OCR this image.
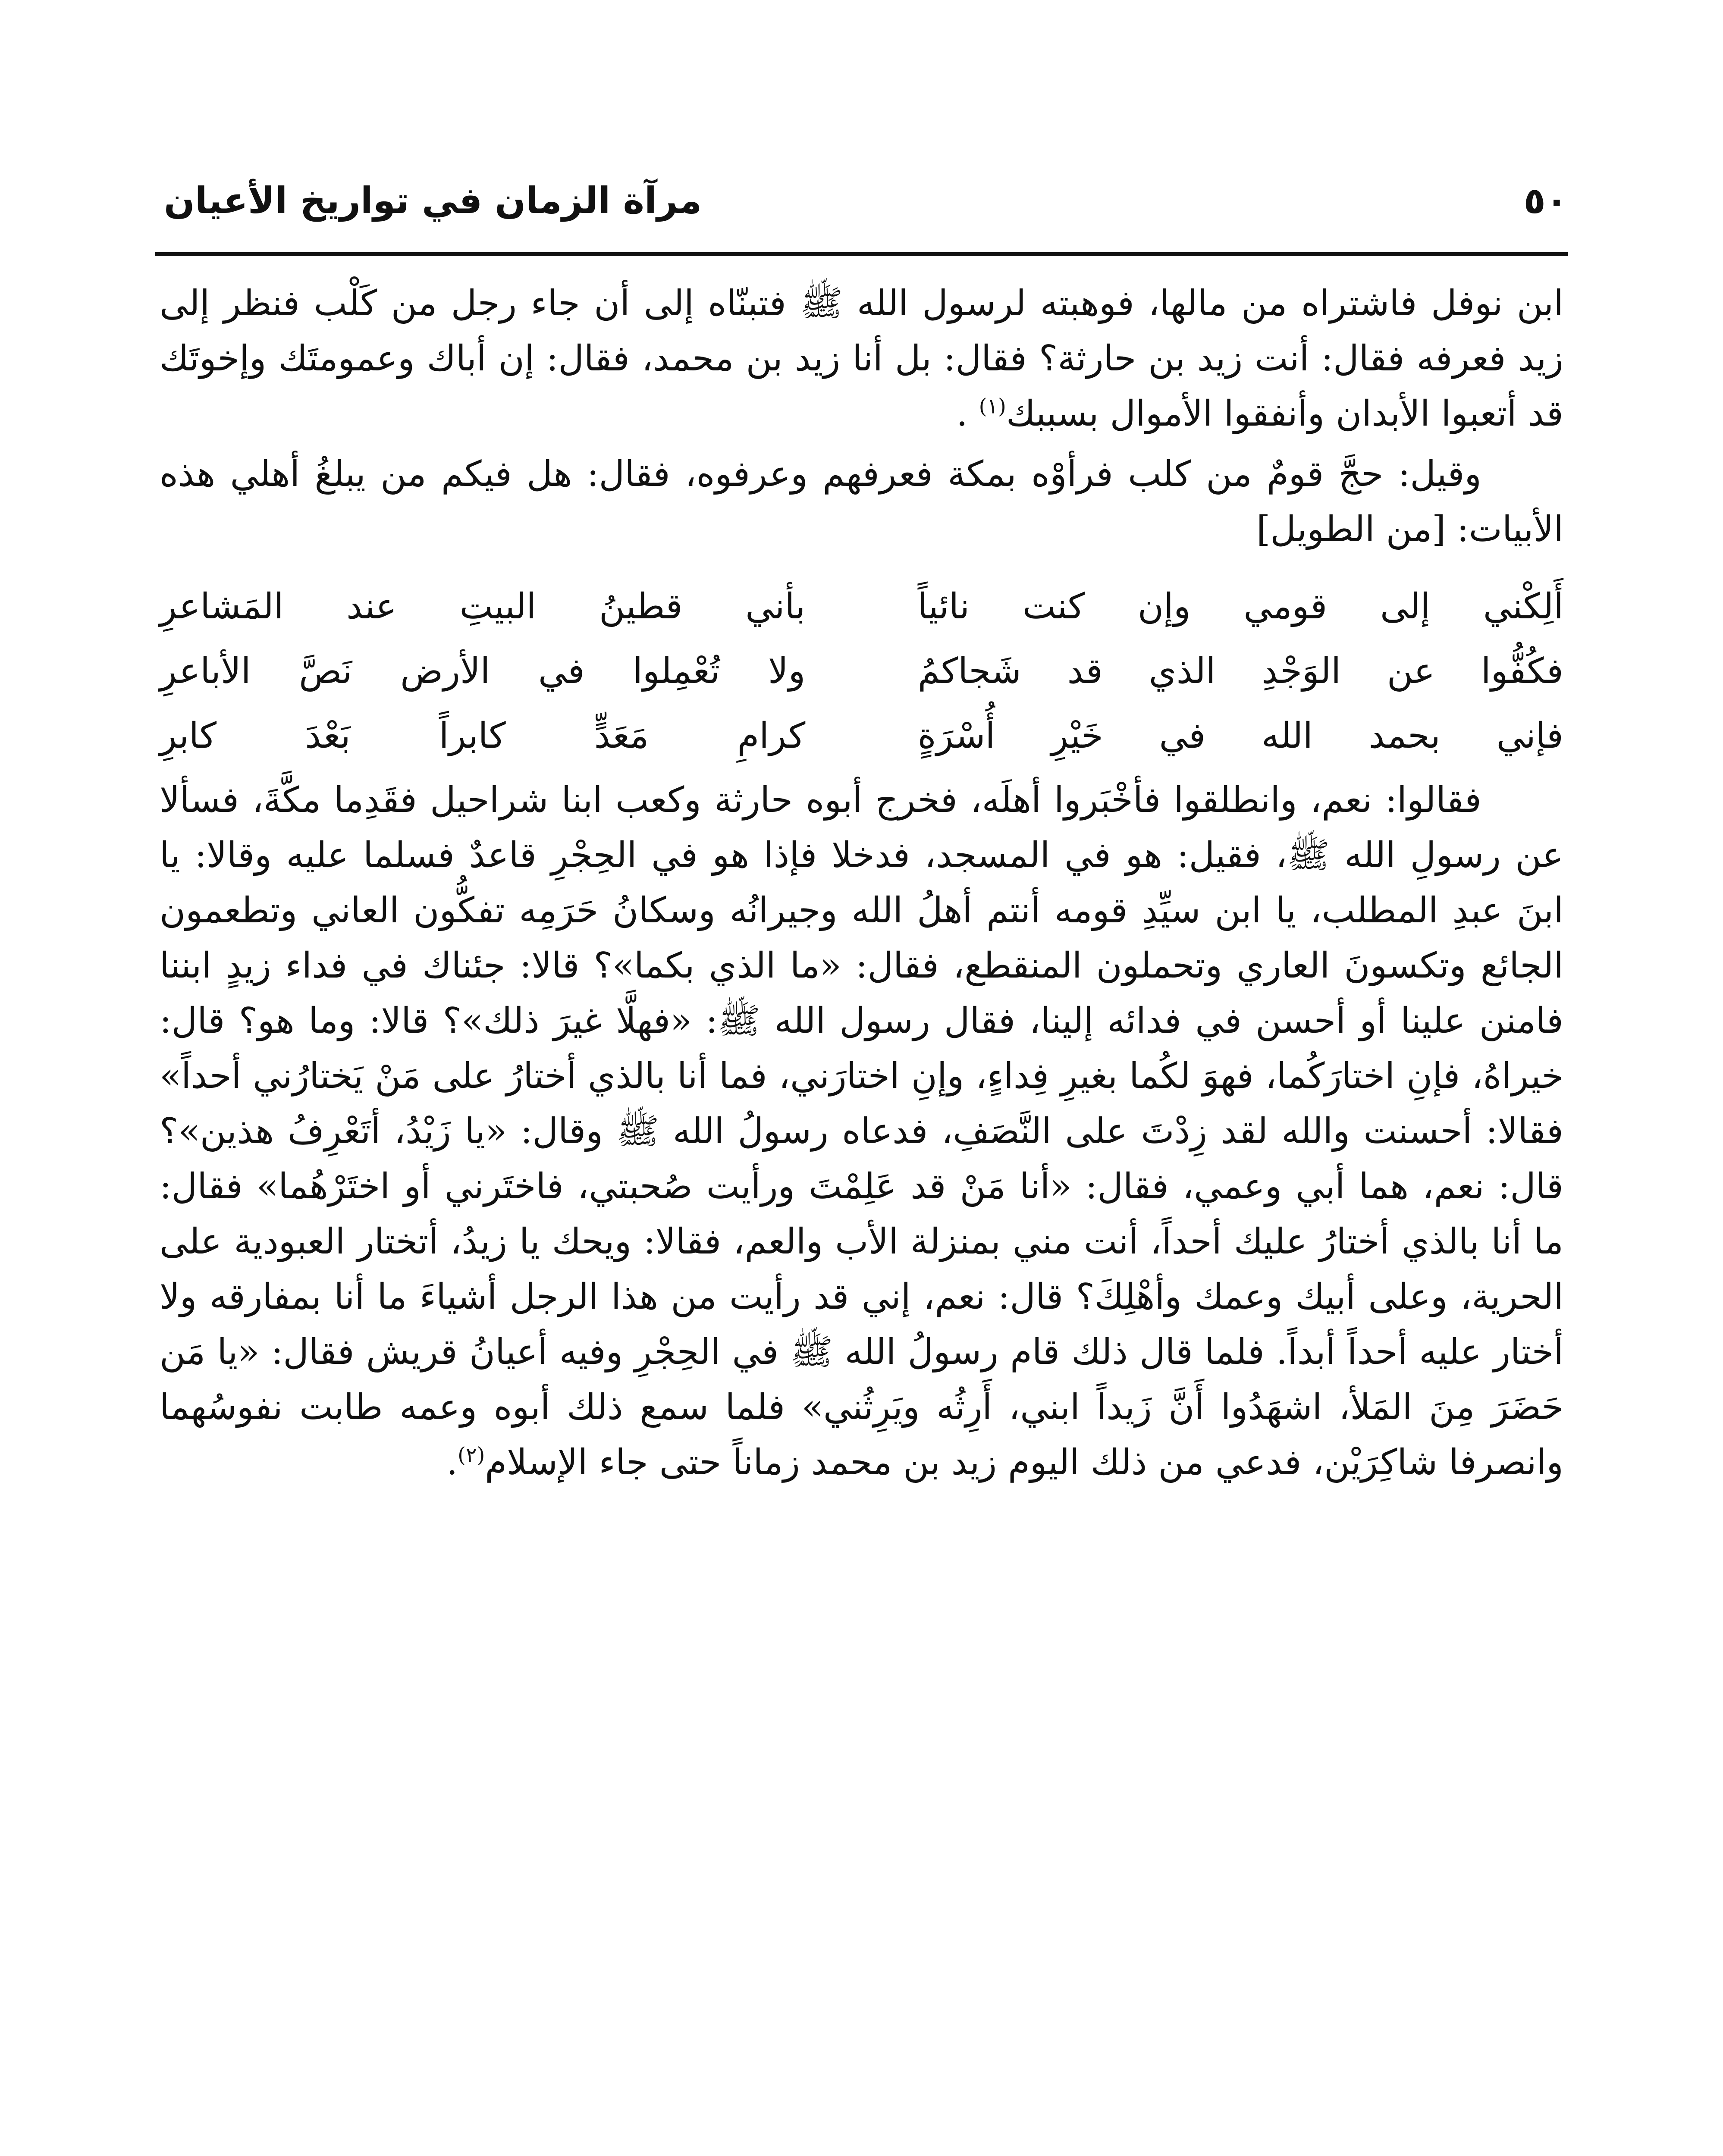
٥٠
مرآة الزمان في تواريخ الأعيان

ابن نوفل فاشتراه من مالها، فوهبته لرسول الله ﷺ فتبنّاه إلى أن جاء رجل من كَلْب فنظر إلى زيد فعرفه فقال: أنت زيد بن حارثة؟ فقال: بل أنا زيد بن محمد، فقال: إن أباك وعمومتَك وإخوتَك قد أتعبوا الأبدان وأنفقوا الأموال بسببك$^{(١)}$ .

وقيل: حجَّ قومٌ من كلب فرأوْه بمكة فعرفهم وعرفوه، فقال: هل فيكم من يبلغُ أهلي هذه الأبيات: [من الطويل]

أَلِكْني إلى قومي وإن كنت نائياً
بأني قطينُ البيتِ عند المَشاعرِ
فكُفُّوا عن الوَجْدِ الذي قد شَجاكمُ
ولا تُعْمِلوا في الأرض نَصَّ الأباعرِ
فإني بحمد الله في خَيْرِ أُسْرَةٍ
كرامِ مَعَدٍّ كابراً بَعْدَ كابرِ

فقالوا: نعم، وانطلقوا فأخْبَروا أهلَه، فخرج أبوه حارثة وكعب ابنا شراحيل فقَدِما مكَّةَ، فسألا عن رسولِ الله ﷺ، فقيل: هو في المسجد، فدخلا فإذا هو في الحِجْرِ قاعدٌ فسلما عليه وقالا: يا ابنَ عبدِ المطلب، يا ابن سيِّدِ قومه أنتم أهلُ الله وجيرانُه وسكانُ حَرَمِه تفكُّون العاني وتطعمون الجائع وتكسونَ العاري وتحملون المنقطع، فقال: «ما الذي بكما»؟ قالا: جئناك في فداء زيدٍ ابننا فامنن علينا أو أحسن في فدائه إلينا، فقال رسول الله ﷺ: «فهلَّا غيرَ ذلك»؟ قالا: وما هو؟ قال: خيراهُ، فإنِ اختارَكُما، فهوَ لكُما بغيرِ فِداءٍ، وإنِ اختارَني، فما أنا بالذي أختارُ على مَنْ يَختارُني أحداً» فقالا: أحسنت والله لقد زِدْتَ على النَّصَفِ، فدعاه رسولُ الله ﷺ وقال: «يا زَيْدُ، أتَعْرِفُ هذين»؟ قال: نعم، هما أبي وعمي، فقال: «أنا مَنْ قد عَلِمْتَ ورأيت صُحبتي، فاختَرني أو اختَرْهُما» فقال: ما أنا بالذي أختارُ عليك أحداً، أنت مني بمنزلة الأب والعم، فقالا: ويحك يا زيدُ، أتختار العبودية على الحرية، وعلى أبيك وعمك وأهْلِكَ؟ قال: نعم، إني قد رأيت من هذا الرجل أشياءَ ما أنا بمفارقه ولا أختار عليه أحداً أبداً. فلما قال ذلك قام رسولُ الله ﷺ في الحِجْرِ وفيه أعيانُ قريش فقال: «يا مَن حَضَرَ مِنَ المَلأ، اشهَدُوا أَنَّ زَيداً ابني، أَرِثُه ويَرِثُني» فلما سمع ذلك أبوه وعمه طابت نفوسُهما وانصرفا شاكِرَيْن، فدعي من ذلك اليوم زيد بن محمد زماناً حتى جاء الإسلام$^{(٢)}$.
